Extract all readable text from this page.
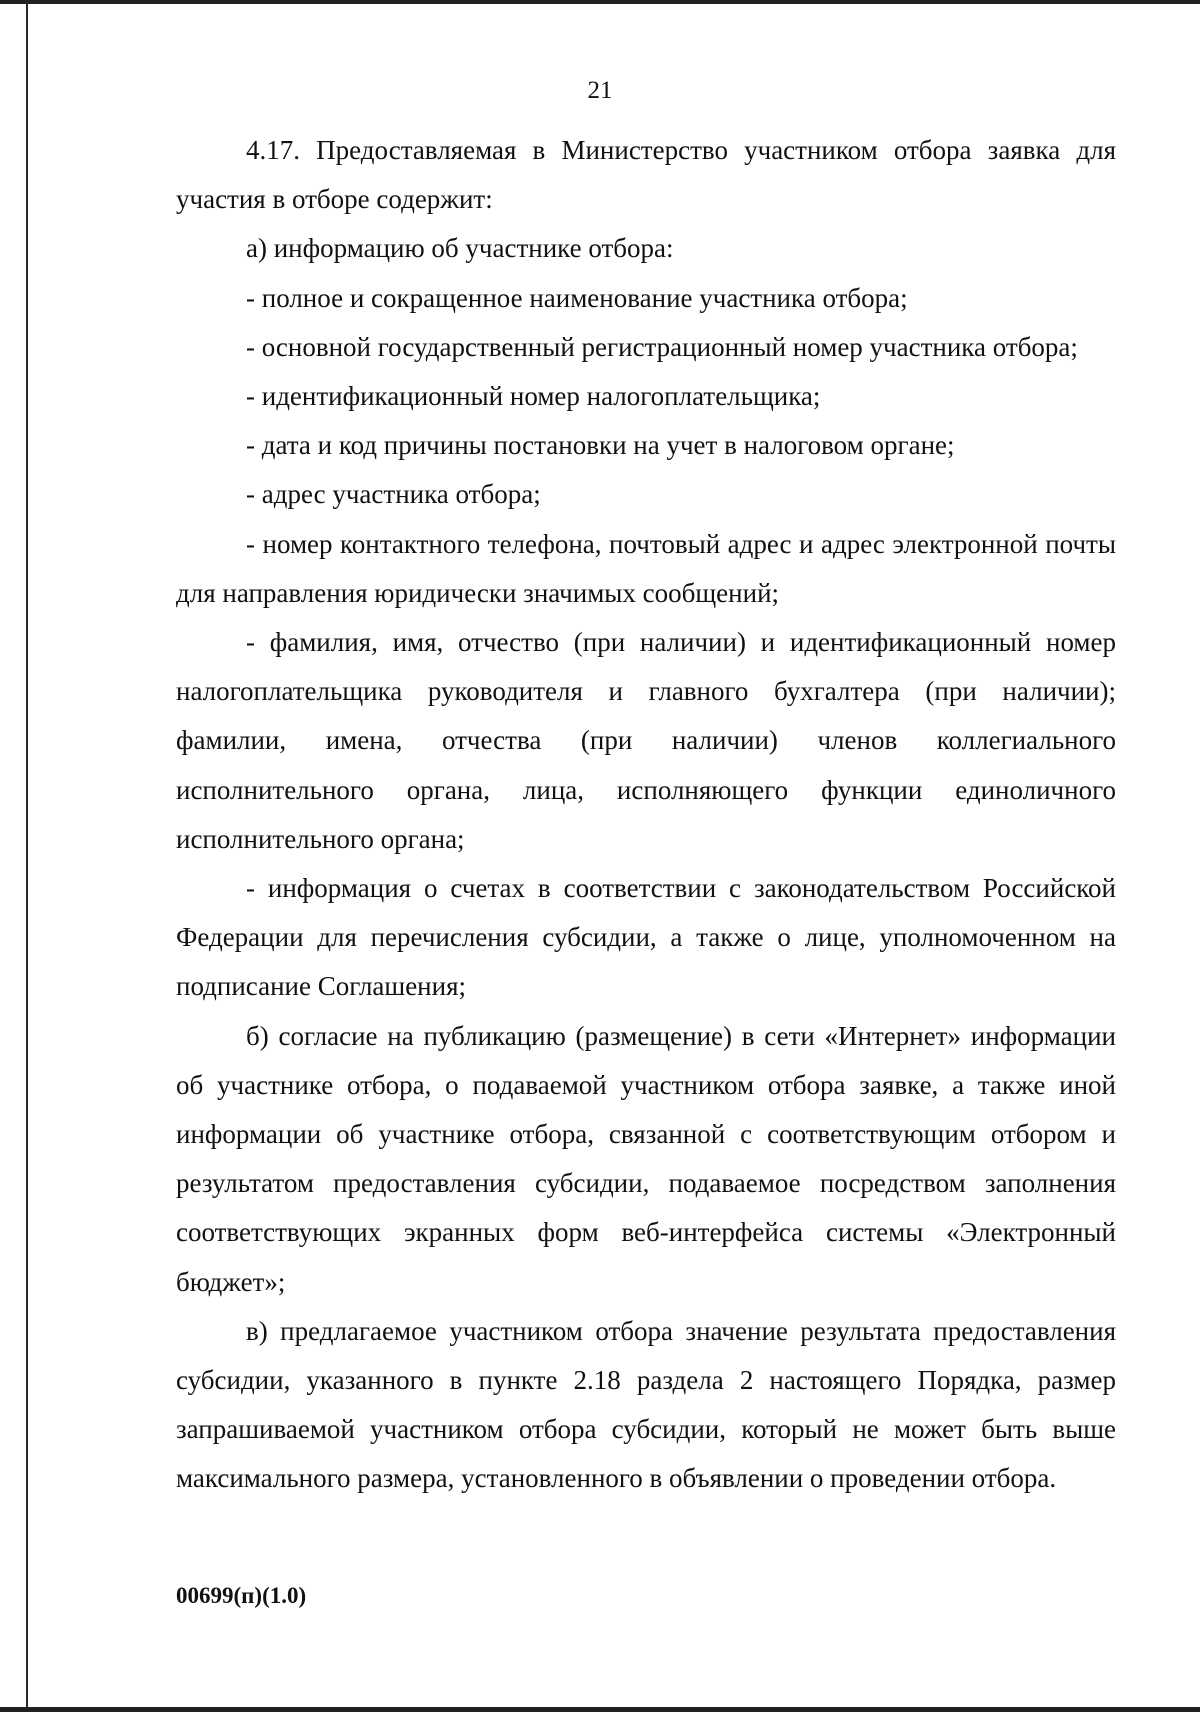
21

4.17. Предоставляемая в Министерство участником отбора заявка для участия в отборе содержит:

а) информацию об участнике отбора:

- полное и сокращенное наименование участника отбора;

- основной государственный регистрационный номер участника отбора;

- идентификационный номер налогоплательщика;

- дата и код причины постановки на учет в налоговом органе;

- адрес участника отбора;

- номер контактного телефона, почтовый адрес и адрес электронной почты для направления юридически значимых сообщений;

- фамилия, имя, отчество (при наличии) и идентификационный номер налогоплательщика руководителя и главного бухгалтера (при наличии); фамилии, имена, отчества (при наличии) членов коллегиального исполнительного органа, лица, исполняющего функции единоличного исполнительного органа;

- информация о счетах в соответствии с законодательством Российской Федерации для перечисления субсидии, а также о лице, уполномоченном на подписание Соглашения;

б) согласие на публикацию (размещение) в сети «Интернет» информации об участнике отбора, о подаваемой участником отбора заявке, а также иной информации об участнике отбора, связанной с соответствующим отбором и результатом предоставления субсидии, подаваемое посредством заполнения соответствующих экранных форм веб-интерфейса системы «Электронный бюджет»;

в) предлагаемое участником отбора значение результата предоставления субсидии, указанного в пункте 2.18 раздела 2 настоящего Порядка, размер запрашиваемой участником отбора субсидии, который не может быть выше максимального размера, установленного в объявлении о проведении отбора.

00699(п)(1.0)
